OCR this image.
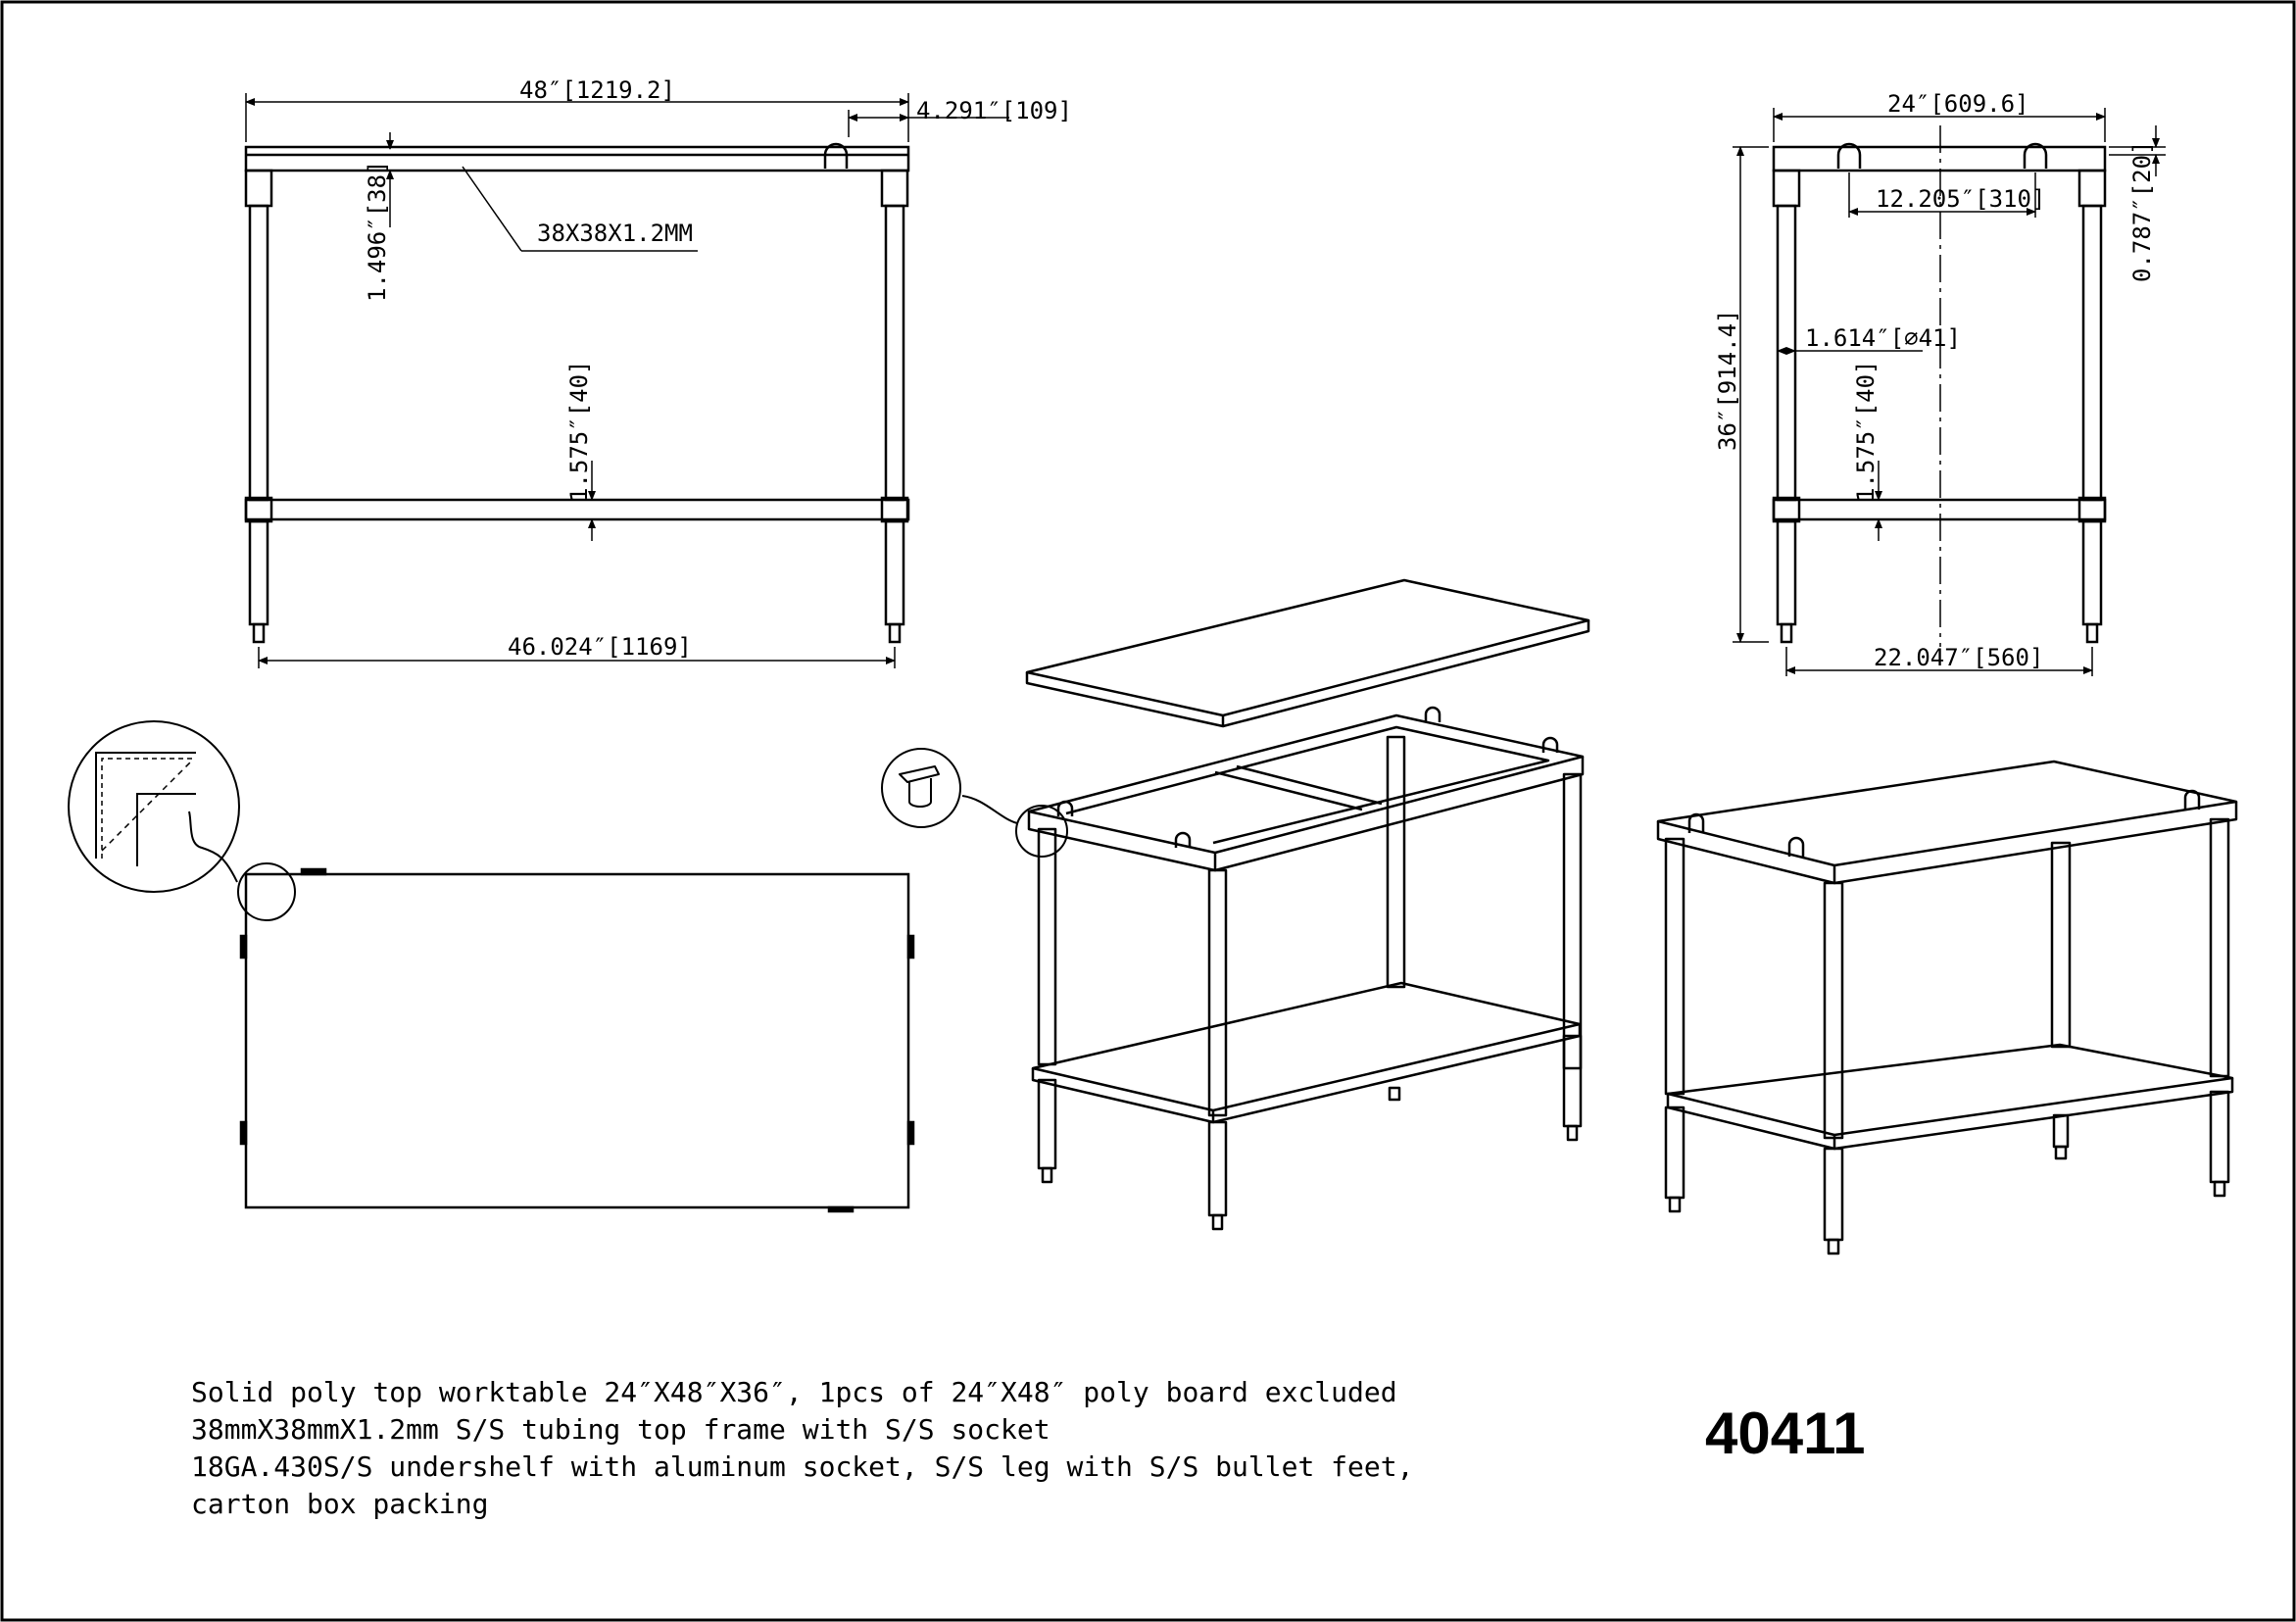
48″[1219.2]
4.291″[109]
38X38X1.2MM
1.496″[38]
1.575″[40]
46.024″[1169]
24″[609.6]
12.205″[310]	0.787″[20]
36″[914.4]	1.614″[⌀41]
1.575″[40]
22.047″[560]
Solid poly top worktable 24″X48″X36″, 1pcs of 24″X48″ poly board excluded
38mmX38mmX1.2mm S/S tubing top frame with S/S socket
18GA.430S/S undershelf with aluminum socket, S/S leg with S/S bullet feet,
carton box packing
40411
